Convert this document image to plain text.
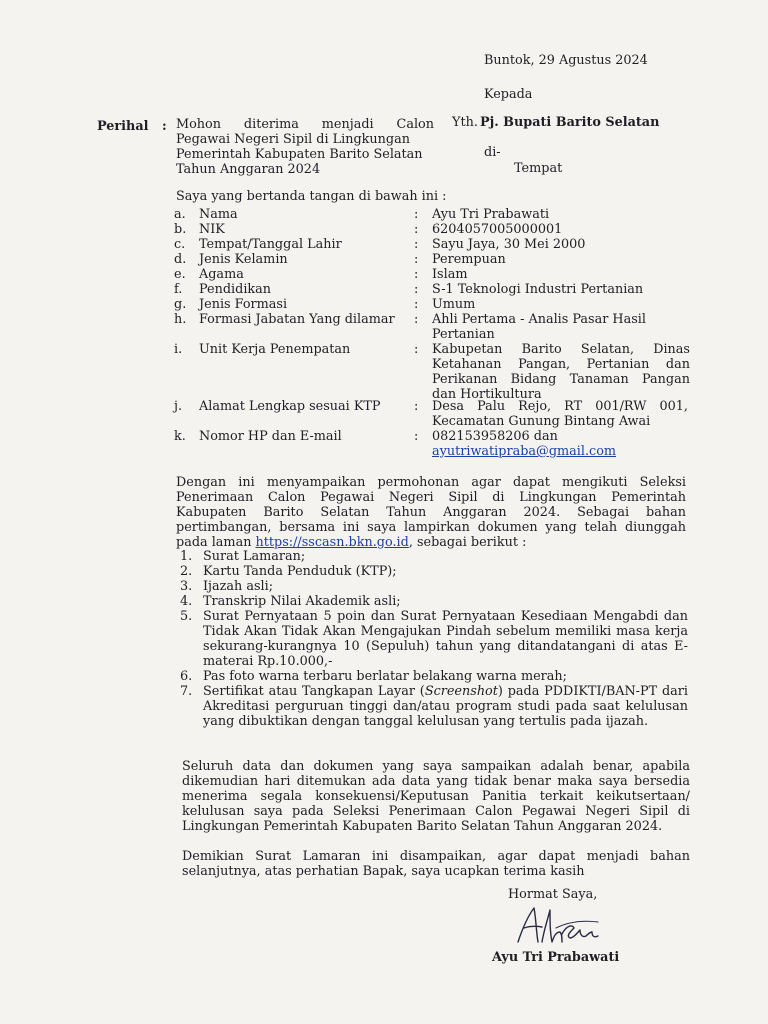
Buntok, 29 Agustus 2024
Kepada
Yth. Pj. Bupati Barito Selatan
di-
Tempat
Perihal : Mohon diterima menjadi Calon
Pegawai Negeri Sipil di Lingkungan
Pemerintah Kabupaten Barito Selatan
Tahun Anggaran 2024
Saya yang bertanda tangan di bawah ini :
a. Nama	: Ayu Tri Prabawati
b. NIK	: 6204057005000001
c. Tempat/Tanggal Lahir	: Sayu Jaya, 30 Mei 2000
d. Jenis Kelamin	: Perempuan
e. Agama	: Islam
f. Pendidikan	: S-1 Teknologi Industri Pertanian
g. Jenis Formasi	: Umum
h. Formasi Jabatan Yang dilamar : Ahli Pertama - Analis Pasar Hasil Pertanian
i. Unit Kerja Penempatan	: Kabupetan Barito Selatan, Dinas Ketahanan Pangan, Pertanian dan Perikanan Bidang Tanaman Pangan dan Hortikultura
j. Alamat Lengkap sesuai KTP	: Desa Palu Rejo, RT 001/RW 001, Kecamatan Gunung Bintang Awai
k. Nomor HP dan E-mail	: 082153958206 dan
ayutriwatipraba@gmail.com
Dengan ini menyampaikan permohonan agar dapat mengikuti Seleksi Penerimaan Calon Pegawai Negeri Sipil di Lingkungan Pemerintah Kabupaten Barito Selatan Tahun Anggaran 2024. Sebagai bahan pertimbangan, bersama ini saya lampirkan dokumen yang telah diunggah pada laman https://sscasn.bkn.go.id, sebagai berikut :
1. Surat Lamaran;
2. Kartu Tanda Penduduk (KTP);
3. Ijazah asli;
4. Transkrip Nilai Akademik asli;
5. Surat Pernyataan 5 poin dan Surat Pernyataan Kesediaan Mengabdi dan Tidak Akan Tidak Akan Mengajukan Pindah sebelum memiliki masa kerja sekurang-kurangnya 10 (Sepuluh) tahun yang ditandatangani di atas E-materai Rp.10.000,-
6. Pas foto warna terbaru berlatar belakang warna merah;
7. Sertifikat atau Tangkapan Layar (Screenshot) pada PDDIKTI/BAN-PT dari Akreditasi perguruan tinggi dan/atau program studi pada saat kelulusan yang dibuktikan dengan tanggal kelulusan yang tertulis pada ijazah.
Seluruh data dan dokumen yang saya sampaikan adalah benar, apabila dikemudian hari ditemukan ada data yang tidak benar maka saya bersedia menerima segala konsekuensi/Keputusan Panitia terkait keikutsertaan/ kelulusan saya pada Seleksi Penerimaan Calon Pegawai Negeri Sipil di Lingkungan Pemerintah Kabupaten Barito Selatan Tahun Anggaran 2024.
Demikian Surat Lamaran ini disampaikan, agar dapat menjadi bahan selanjutnya, atas perhatian Bapak, saya ucapkan terima kasih
Hormat Saya,
Ayu Tri Prabawati
